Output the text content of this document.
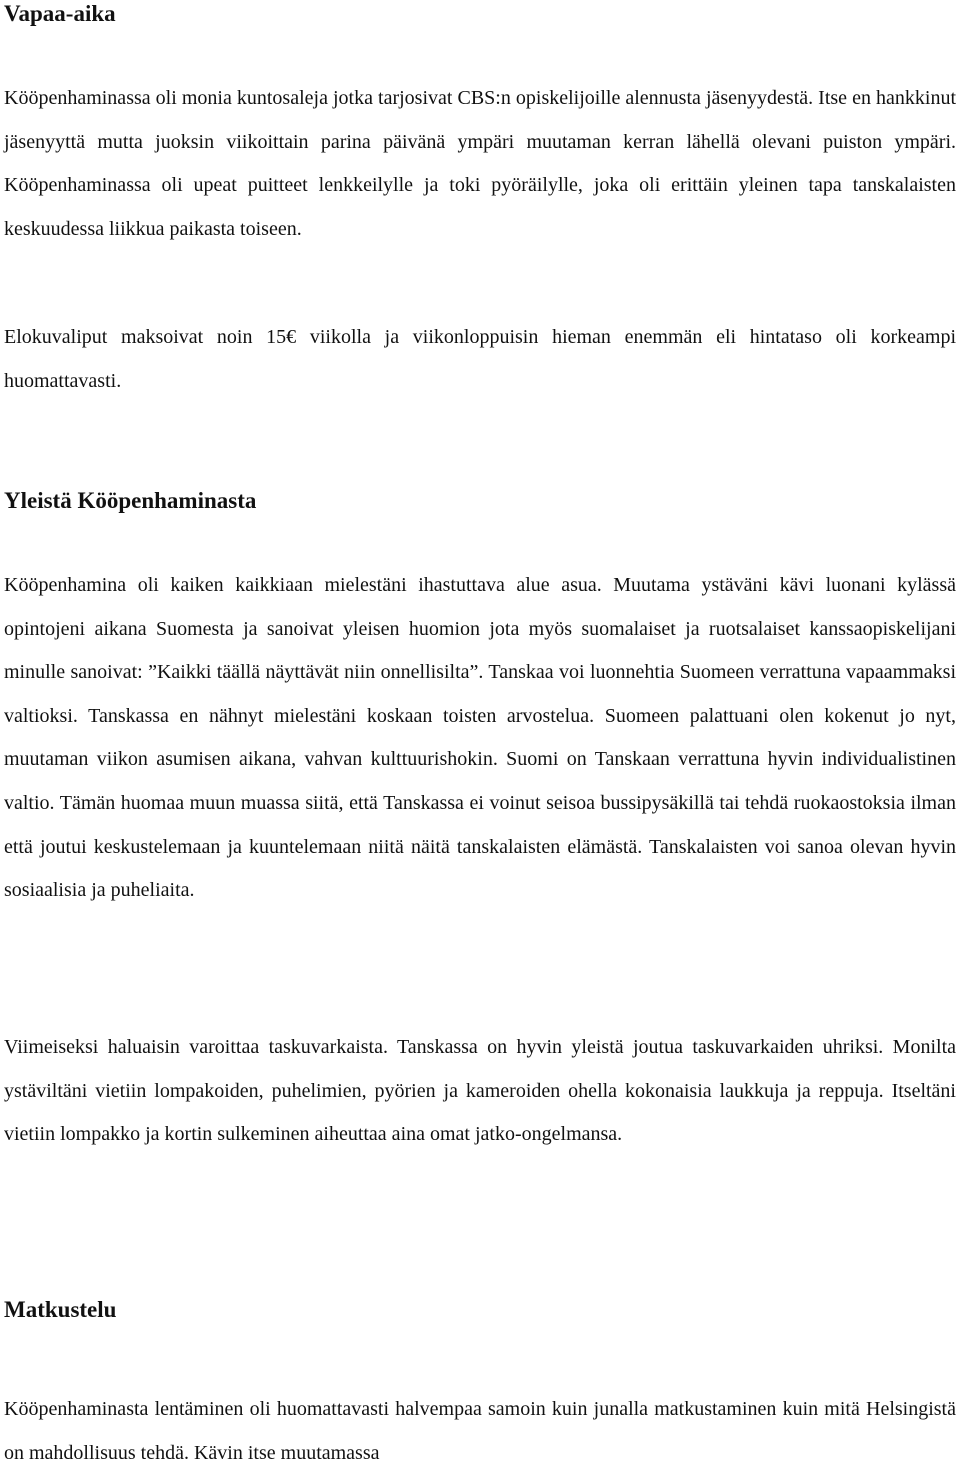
Vapaa-aika

Kööpenhaminassa oli monia kuntosaleja jotka tarjosivat CBS:n opiskelijoille alennusta jäsenyydestä. Itse en hankkinut jäsenyyttä mutta juoksin viikoittain parina päivänä ympäri muutaman kerran lähellä olevani puiston ympäri. Kööpenhaminassa oli upeat puitteet lenkkeilylle ja toki pyöräilylle, joka oli erittäin yleinen tapa tanskalaisten keskuudessa liikkua paikasta toiseen.

Elokuvaliput maksoivat noin 15€ viikolla ja viikonloppuisin hieman enemmän eli hintataso oli korkeampi huomattavasti.

Yleistä Kööpenhaminasta

Kööpenhamina oli kaiken kaikkiaan mielestäni ihastuttava alue asua. Muutama ystäväni kävi luonani kylässä opintojeni aikana Suomesta ja sanoivat yleisen huomion jota myös suomalaiset ja ruotsalaiset kanssaopiskelijani minulle sanoivat: ”Kaikki täällä näyttävät niin onnellisilta”. Tanskaa voi luonnehtia Suomeen verrattuna vapaammaksi valtioksi. Tanskassa en nähnyt mielestäni koskaan toisten arvostelua. Suomeen palattuani olen kokenut jo nyt, muutaman viikon asumisen aikana, vahvan kulttuurishokin. Suomi on Tanskaan verrattuna hyvin individualistinen valtio. Tämän huomaa muun muassa siitä, että Tanskassa ei voinut seisoa bussipysäkillä tai tehdä ruokaostoksia ilman että joutui keskustelemaan ja kuuntelemaan niitä näitä tanskalaisten elämästä. Tanskalaisten voi sanoa olevan hyvin sosiaalisia ja puheliaita.

Viimeiseksi haluaisin varoittaa taskuvarkaista. Tanskassa on hyvin yleistä joutua taskuvarkaiden uhriksi. Monilta ystäviltäni vietiin lompakoiden, puhelimien, pyörien ja kameroiden ohella kokonaisia laukkuja ja reppuja. Itseltäni vietiin lompakko ja kortin sulkeminen aiheuttaa aina omat jatko-ongelmansa.

Matkustelu

Kööpenhaminasta lentäminen oli huomattavasti halvempaa samoin kuin junalla matkustaminen kuin mitä Helsingistä on mahdollisuus tehdä. Kävin itse muutamassa
